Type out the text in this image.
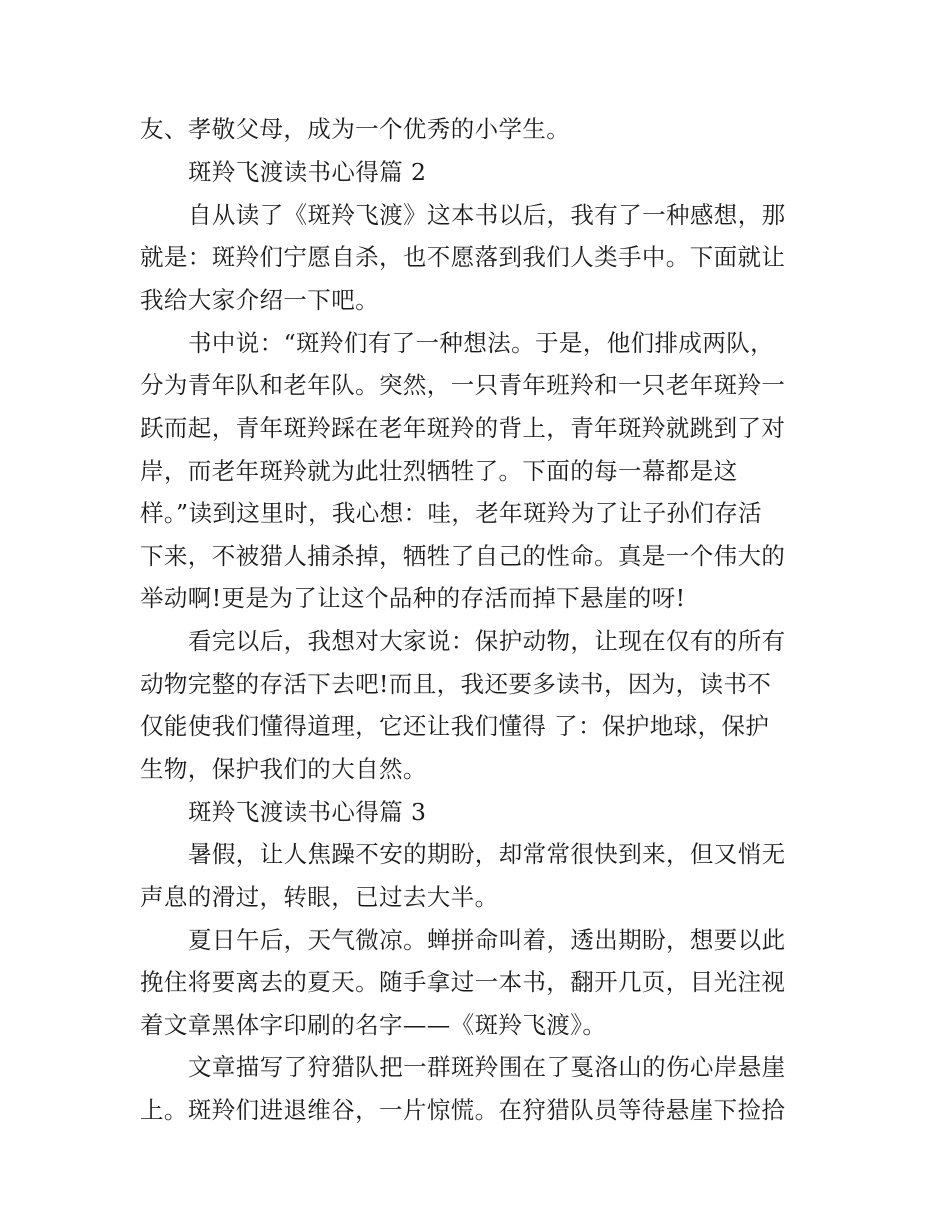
友、孝敬父母，成为一个优秀的小学生。
斑羚飞渡读书心得篇 2
自从读了《斑羚飞渡》这本书以后，我有了一种感想，那
就是：斑羚们宁愿自杀，也不愿落到我们人类手中。下面就让
我给大家介绍一下吧。
书中说：“斑羚们有了一种想法。于是，他们排成两队，
分为青年队和老年队。突然，一只青年班羚和一只老年斑羚一
跃而起，青年斑羚踩在老年斑羚的背上，青年斑羚就跳到了对
岸，而老年斑羚就为此壮烈牺牲了。下面的每一幕都是这
样。”读到这里时，我心想：哇，老年斑羚为了让子孙们存活
下来，不被猎人捕杀掉，牺牲了自己的性命。真是一个伟大的
举动啊!更是为了让这个品种的存活而掉下悬崖的呀!
看完以后，我想对大家说：保护动物，让现在仅有的所有
动物完整的存活下去吧!而且，我还要多读书，因为，读书不
仅能使我们懂得道理，它还让我们懂得 了：保护地球，保护
生物，保护我们的大自然。
斑羚飞渡读书心得篇 3
暑假，让人焦躁不安的期盼，却常常很快到来，但又悄无
声息的滑过，转眼，已过去大半。
夏日午后，天气微凉。蝉拼命叫着，透出期盼，想要以此
挽住将要离去的夏天。随手拿过一本书，翻开几页，目光注视
着文章黑体字印刷的名字——《斑羚飞渡》。
文章描写了狩猎队把一群斑羚围在了戛洛山的伤心岸悬崖
上。斑羚们进退维谷，一片惊慌。在狩猎队员等待悬崖下捡拾
